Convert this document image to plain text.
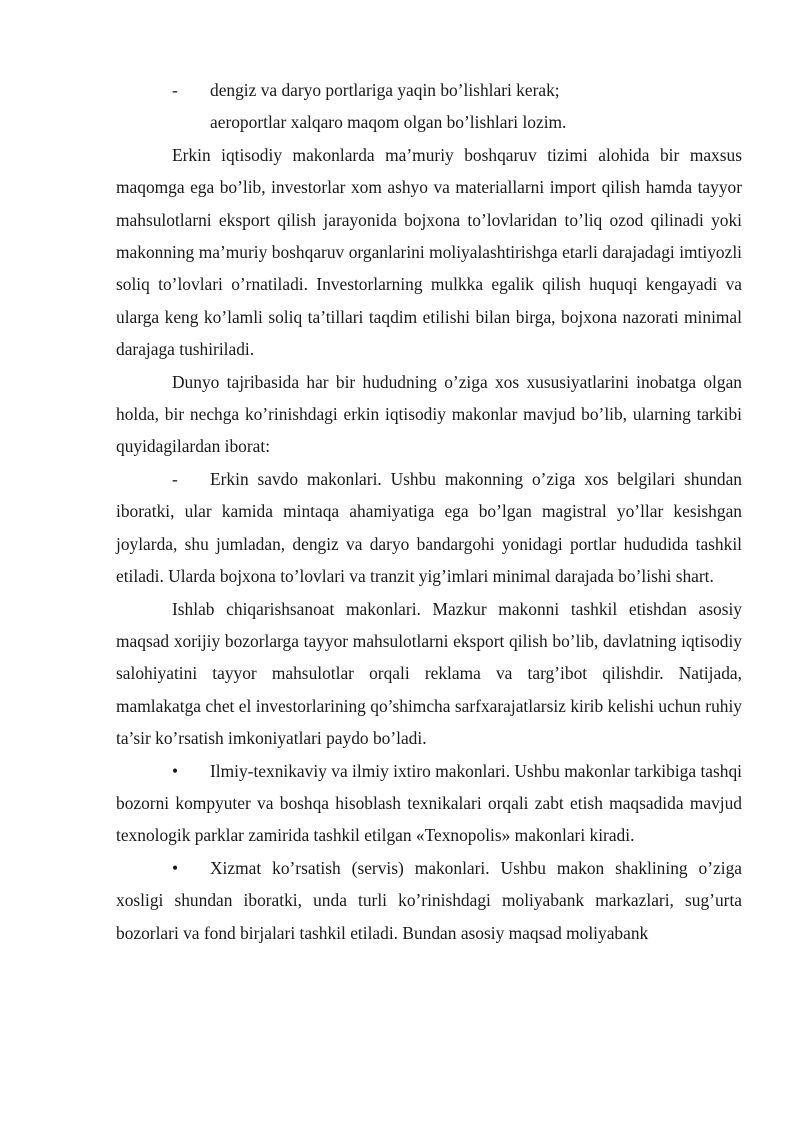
- dengiz va daryo portlariga yaqin bo’lishlari kerak;

aeroportlar xalqaro maqom olgan bo’lishlari lozim.

Erkin iqtisodiy makonlarda ma’muriy boshqaruv tizimi alohida bir maxsus maqomga ega bo’lib, investorlar xom ashyo va materiallarni import qilish hamda tayyor mahsulotlarni eksport qilish jarayonida bojxona to’lovlaridan to’liq ozod qilinadi yoki makonning ma’muriy boshqaruv organlarini moliyalashtirishga etarli darajadagi imtiyozli soliq to’lovlari o’rnatiladi. Investorlarning mulkka egalik qilish huquqi kengayadi va ularga keng ko’lamli soliq ta’tillari taqdim etilishi bilan birga, bojxona nazorati minimal darajaga tushiriladi.

Dunyo tajribasida har bir hududning o’ziga xos xususiyatlarini inobatga olgan holda, bir nechga ko’rinishdagi erkin iqtisodiy makonlar mavjud bo’lib, ularning tarkibi quyidagilardan iborat:

- Erkin savdo makonlari. Ushbu makonning o’ziga xos belgilari shundan iboratki, ular kamida mintaqa ahamiyatiga ega bo’lgan magistral yo’llar kesishgan joylarda, shu jumladan, dengiz va daryo bandargohi yonidagi portlar hududida tashkil etiladi. Ularda bojxona to’lovlari va tranzit yig’imlari minimal darajada bo’lishi shart.

Ishlab chiqarishsanoat makonlari. Mazkur makonni tashkil etishdan asosiy maqsad xorijiy bozorlarga tayyor mahsulotlarni eksport qilish bo’lib, davlatning iqtisodiy salohiyatini tayyor mahsulotlar orqali reklama va targ’ibot qilishdir. Natijada, mamlakatga chet el investorlarining qo’shimcha sarfxarajatlarsiz kirib kelishi uchun ruhiy ta’sir ko’rsatish imkoniyatlari paydo bo’ladi.

• Ilmiy-texnikaviy va ilmiy ixtiro makonlari. Ushbu makonlar tarkibiga tashqi bozorni kompyuter va boshqa hisoblash texnikalari orqali zabt etish maqsadida mavjud texnologik parklar zamirida tashkil etilgan «Texnopolis» makonlari kiradi.

• Xizmat ko’rsatish (servis) makonlari. Ushbu makon shaklining o’ziga xosligi shundan iboratki, unda turli ko’rinishdagi moliyabank markazlari, sug’urta bozorlari va fond birjalari tashkil etiladi. Bundan asosiy maqsad moliyabank
